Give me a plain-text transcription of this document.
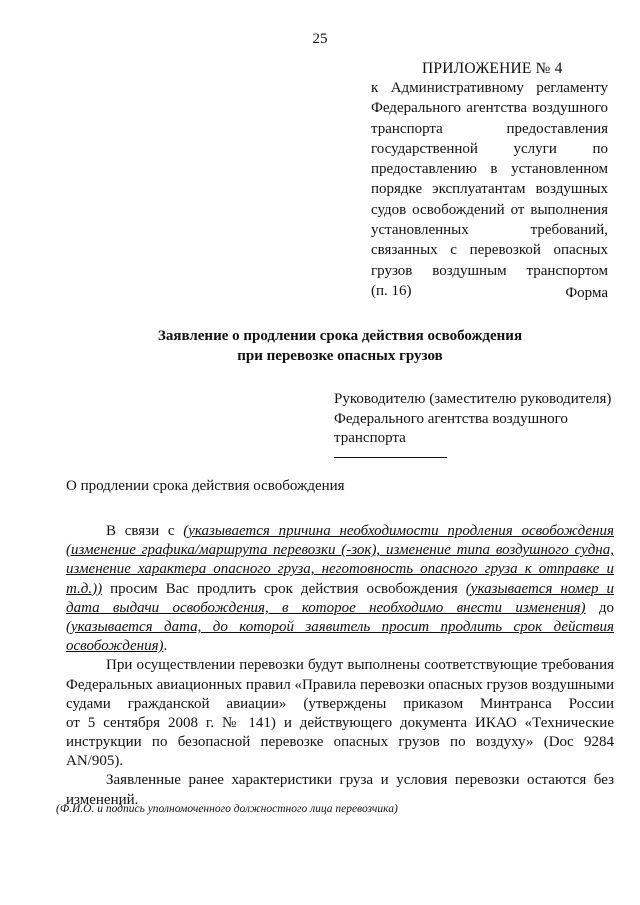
25
ПРИЛОЖЕНИЕ № 4
к Административному регламенту
Федерального агентства воздушного
транспорта предоставления
государственной услуги по
предоставлению в установленном
порядке эксплуатантам воздушных
судов освобождений от выполнения
установленных требований,
связанных с перевозкой опасных
грузов воздушным транспортом
(п. 16)	Форма
Заявление о продлении срока действия освобождения
при перевозке опасных грузов
Руководителю (заместителю руководителя)
Федерального агентства воздушного
транспорта
О продлении срока действия освобождения
В связи с (указывается причина необходимости продления освобождения
(изменение графика/маршрута перевозки (-зок), изменение типа воздушного судна,
изменение характера опасного груза, неготовность опасного груза к отправке и
т.д.)) просим Вас продлить срок действия освобождения (указывается номер и
дата выдачи освобождения, в которое необходимо внести изменения) до
(указывается дата, до которой заявитель просит продлить срок действия
освобождения).
При осуществлении перевозки будут выполнены соответствующие требования
Федеральных авиационных правил «Правила перевозки опасных грузов воздушными
судами гражданской авиации» (утверждены приказом Минтранса России
от 5 сентября 2008 г. № 141) и действующего документа ИКАО «Технические
инструкции по безопасной перевозке опасных грузов по воздуху» (Doc 9284
AN/905).
Заявленные ранее характеристики груза и условия перевозки остаются без
изменений.
(Ф.И.О. и подпись уполномоченного должностного лица перевозчика)
